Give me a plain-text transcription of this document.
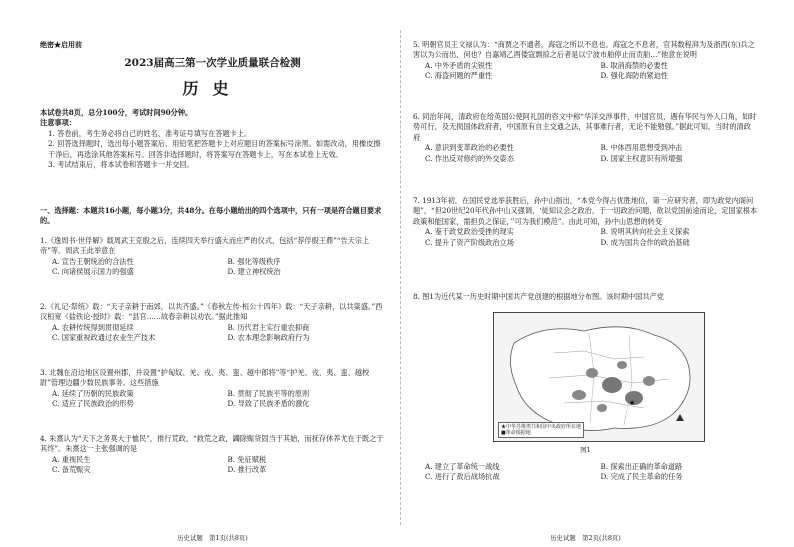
绝密★启用前
2023届高三第一次学业质量联合检测
历史
本试卷共8页，总分100分，考试时间90分钟。
注意事项：
1. 答卷前，考生务必将自己的姓名、准考证号填写在答题卡上。
2. 回答选择题时，选出每小题答案后，用铅笔把答题卡上对应题目的答案标号涂黑。如需改动，用橡皮擦干净后，再选涂其他答案标号。回答非选择题时，将答案写在答题卡上，写在本试卷上无效。
3. 考试结束后，将本试卷和答题卡一并交回。
一、选择题：本题共16小题，每小题3分，共48分。在每小题给出的四个选项中，只有一项是符合题目要求的。

1.《逸周书·世俘解》载周武王克殷之后，连续四天举行盛大而庄严的仪式，包括“荐俘殷王鼎”“告天宗上帝”等。周武王此举意在

A. 宣告王朝统治的合法性	B. 强化等级秩序
C. 向诸侯展示国力的强盛	D. 建立神权统治

2.《礼记·祭统》载：“天子亲耕于南郊，以共齐盛。”《春秋左传·桓公十四年》载：“天子亲耕，以共粢盛。”西汉桓宽《盐铁论·授时》载：“县官……故春亲耕以劝农。”据此推知

A. 农耕传统得到贯彻延续	B. 历代君主实行重农抑商
C. 国家重视政通过农业生产技术	D. 农本理念影响政府行为

3. 北魏在沿边地区设置州郡，并设置“护匈奴、羌、戎、夷、蛮、越中郎将”等“护羌、戎、夷、蛮、越校尉”管理边疆少数民族事务。这些措施

A. 延续了历朝的民族政策	B. 贯彻了民族平等的原则
C. 适应了民族政治的形势	D. 导致了民族矛盾的激化

4. 朱熹认为“天下之务莫大于恤民”，推行荒政，“救荒之政，蠲除赈贷固当于其始，而抚存休养尤在于既之于其终”。朱熹这一主张强调的是

A. 重视民生	B. 免征赋税
C. 备荒赈灾	D. 推行改革
历史试题　第1页(共8页)

5. 明朝官员王文禄认为：“商贾之不通者，海寇之所以不息也。海寇之不息者，官其数程湃为及浙西(东)兵之害以为公而出，何也？自嘉靖乙酉倭寇剽掠之后者是以宁波市舶停止而贡舶…”他意在说明

A. 中外矛盾的尖锐性	B. 取消海禁的必要性
C. 海盗问题的严重性	D. 强化海防的紧迫性

6. 同治年间，清政府在给英国公使阿礼国的咨文中称“华洋交涉事件，中国官员，遇有华民与外人口角，如时势可行，及无损国体政府者，中国原有自主交通之法，其事难行者，无论不能勉强。”据此可知，当时的清政府

A. 意识到变革政治的必要性	B. 中体西用思想受到冲击
C. 作出反对修约的外交姿态	D. 国家主权意识有所增强

7. 1913年初，在国民党选举获胜后，孙中山指出，“本党今得占优胜地位，第一应研究者，即为政党内阁问题”，“但20世纪20年代孙中山又强调，‘徒知议会之政治，于一切政治问题，欲以党国前途而论，定国家根本政策和能国家，需担负之保证，’’可为我们模范”。由此可知，孙中山思想的转变

A. 鉴于政党政治受挫的现实	B. 说明其转向社会主义探索
C. 提升了资产阶级政治立场	D. 成为国共合作的政治基础
8. 图1为近代某一历史时期中国共产党创建的根据地分布图。该时期中国共产党
★
★中华苏维埃共和国中央政府所在地
■革命根据地
图1
A. 建立了革命统一战线	B. 探索出正确的革命道路
C. 进行了敌后战场抗战	D. 完成了民主革命的任务
历史试题　第2页(共8页)
